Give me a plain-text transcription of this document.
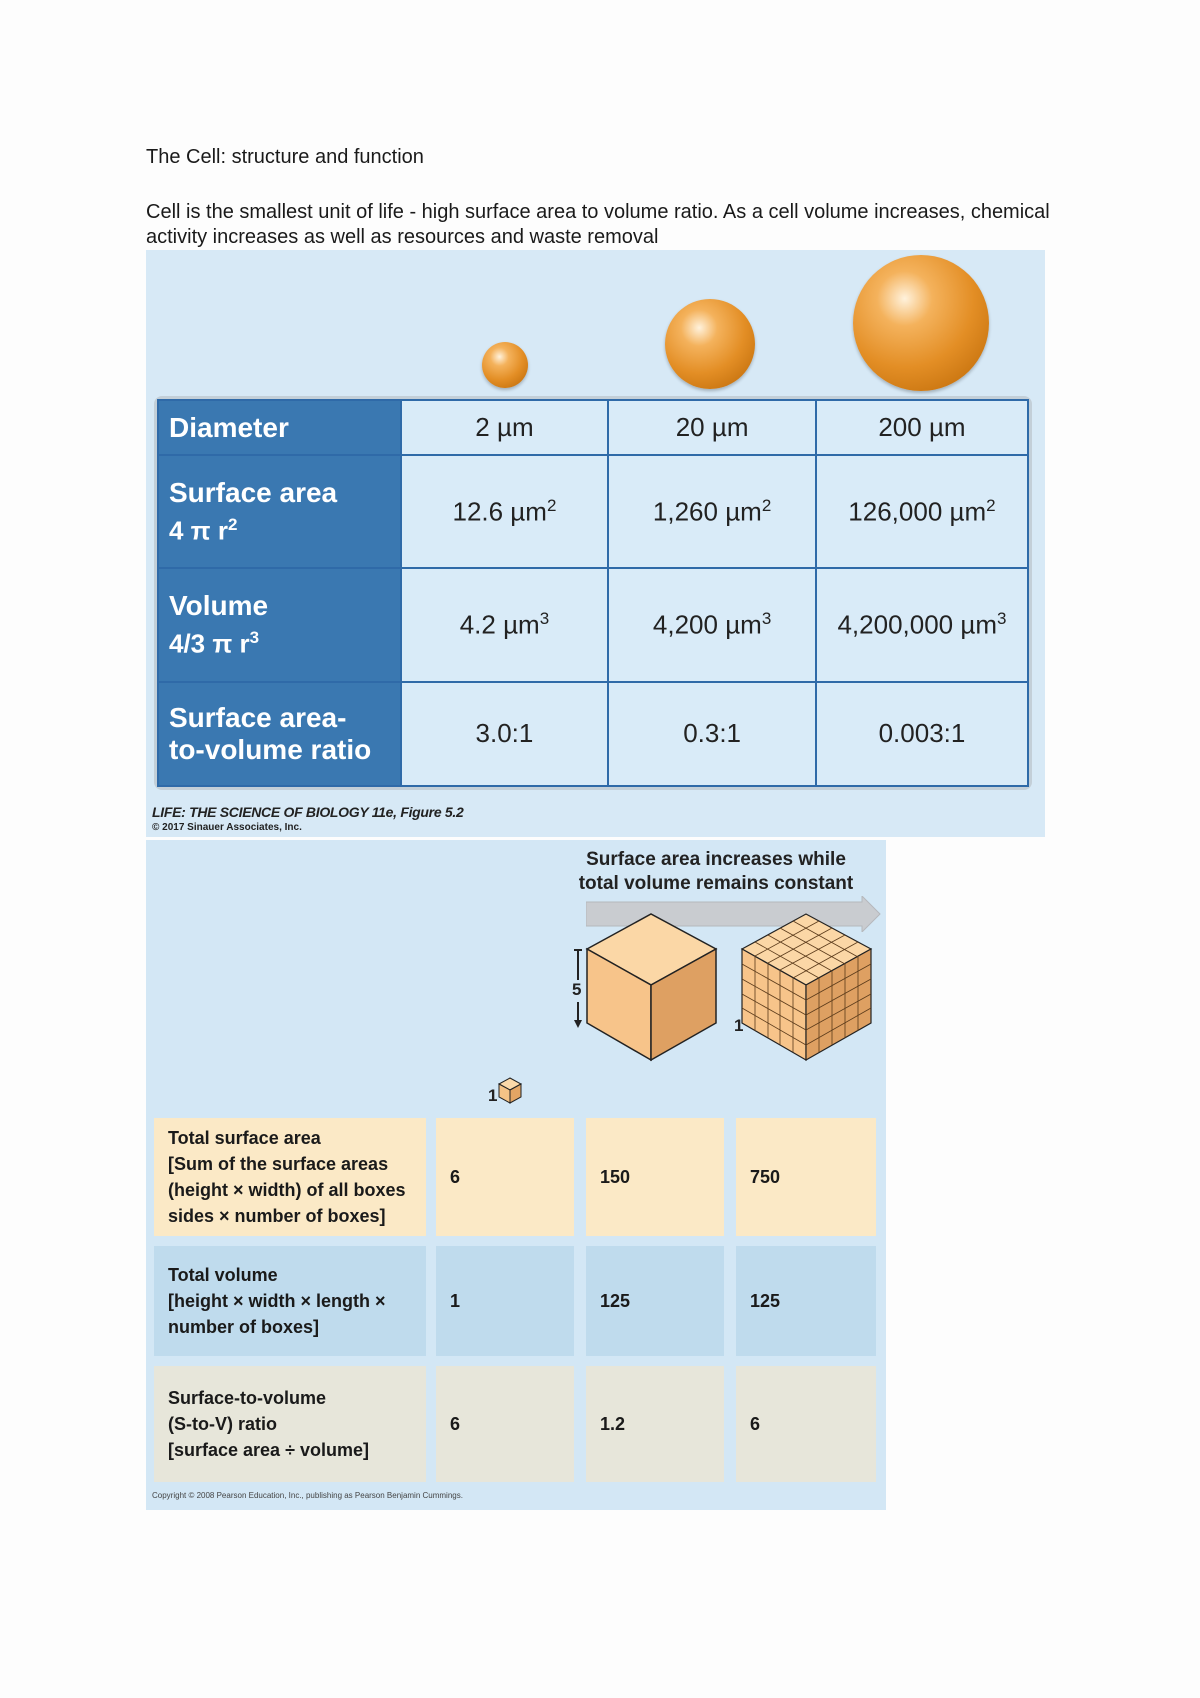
The Cell: structure and function
Cell is the smallest unit of life - high surface area to volume ratio. As a cell volume increases, chemical activity increases as well as resources and waste removal
Diameter	2 µm	20 µm	200 µm

Surface area
4 π $r^2$	12.6 µm$^2$	1,260 µm$^2$	126,000 µm$^2$

Volume
4/3 π $r^3$	4.2 µm$^3$	4,200 µm$^3$	4,200,000 µm$^3$

Surface area-
to-volume ratio	3.0:1	0.3:1	0.003:1
LIFE: THE SCIENCE OF BIOLOGY 11e, Figure 5.2
© 2017 Sinauer Associates, Inc.
Surface area increases while
total volume remains constant
1
5
1
Total surface area
[Sum of the surface areas
(height × width) of all boxes
sides × number of boxes]
6	150	750
Total volume
[height × width × length ×
number of boxes]
1	125	125
Surface-to-volume
(S-to-V) ratio
[surface area ÷ volume]
6	1.2	6
Copyright © 2008 Pearson Education, Inc., publishing as Pearson Benjamin Cummings.
